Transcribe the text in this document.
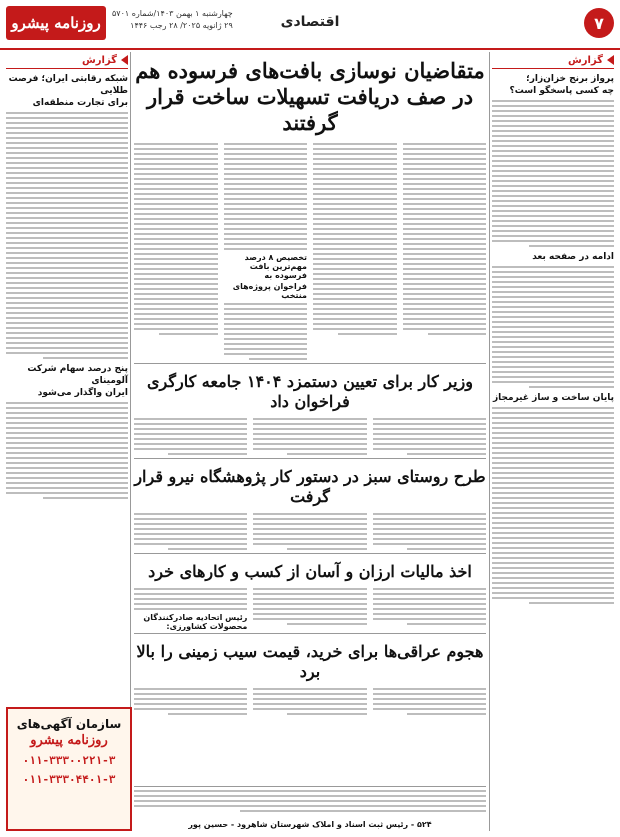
۷
اقتصادی
روزنامه پیشرو
چهارشنبه ۱ بهمن ۱۴۰۳/شماره ۵۷۰۱
۲۹ ژانویه ۲۰۲۵/ ۲۸ رجب ۱۴۴۶
گزارش
پرواز برنج خزان‌زار؛
چه کسی پاسخگو است؟
ادامه در صفحه بعد
پایان ساخت و ساز غیرمجاز
گزارش
شبکه رقابتی ایران؛ فرصت طلایی
برای تجارت منطقه‌ای
پنج درصد سهام شرکت آلومینای
ایران واگذار می‌شود
سازمان آگهی‌های
روزنامه پیشرو
۰۱۱-۳۳۳۰۰۲۲۱-۳
۰۱۱-۳۳۳۰۴۴۰۱-۳
متقاضیان نوسازی بافت‌های فرسوده هم در صف دریافت تسهیلات ساخت قرار گرفتند
تخصیص ۸ درصد مهم‌ترین بافت فرسوده به
فراخوان پروژه‌های منتخب
وزیر کار برای تعیین دستمزد ۱۴۰۴ جامعه کارگری فراخوان داد
طرح روستای سبز در دستور کار پژوهشگاه نیرو قرار گرفت
اخذ مالیات ارزان و آسان از کسب و کارهای خرد
رئیس اتحادیه صادرکنندگان محصولات کشاورزی:
هجوم عراقی‌ها برای خرید، قیمت سیب زمینی را بالا برد
۵۲۴ - رئیس ثبت اسناد و املاک شهرستان شاهرود - حسین پور
